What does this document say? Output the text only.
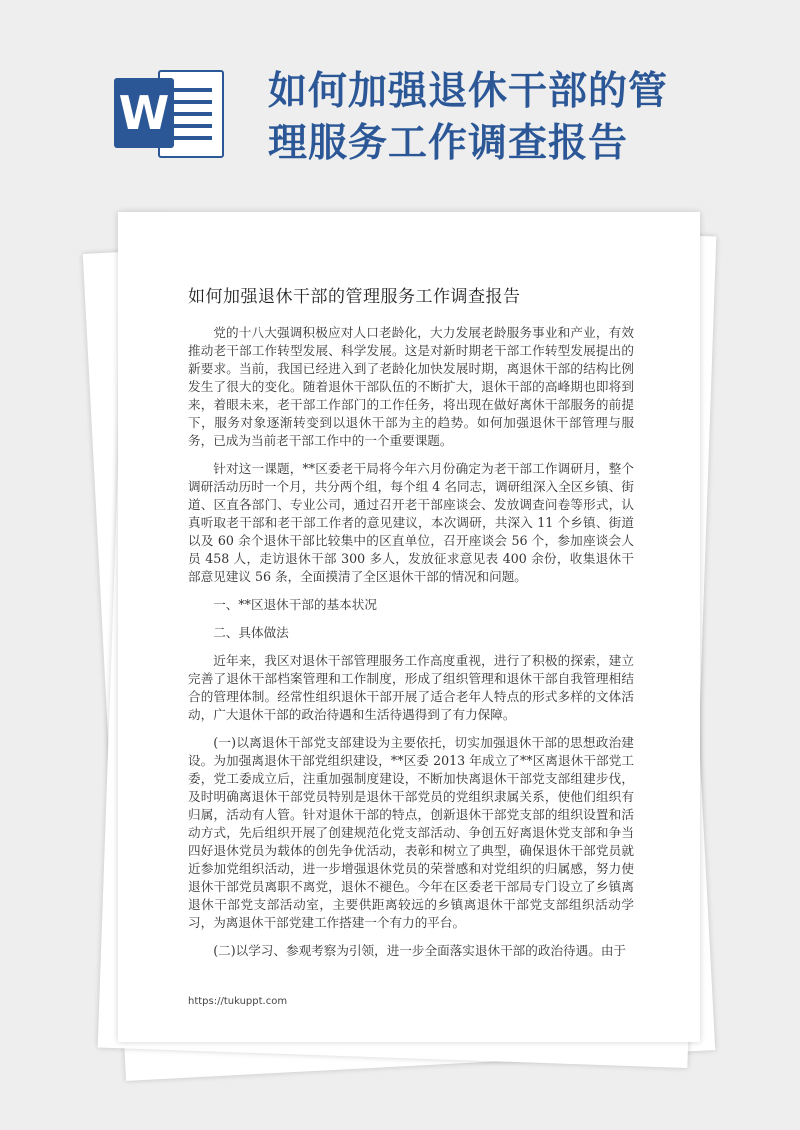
W	如何加强退休干部的管理服务工作调查报告
如何加强退休干部的管理服务工作调查报告

党的十八大强调积极应对人口老龄化，大力发展老龄服务事业和产业，有效推动老干部工作转型发展、科学发展。这是对新时期老干部工作转型发展提出的新要求。当前，我国已经进入到了老龄化加快发展时期，离退休干部的结构比例发生了很大的变化。随着退休干部队伍的不断扩大，退休干部的高峰期也即将到来，着眼未来，老干部工作部门的工作任务，将出现在做好离休干部服务的前提下，服务对象逐渐转变到以退休干部为主的趋势。如何加强退休干部管理与服务，已成为当前老干部工作中的一个重要课题。

针对这一课题，**区委老干局将今年六月份确定为老干部工作调研月，整个调研活动历时一个月，共分两个组，每个组 4 名同志，调研组深入全区乡镇、街道、区直各部门、专业公司，通过召开老干部座谈会、发放调查问卷等形式，认真听取老干部和老干部工作者的意见建议，本次调研，共深入 11 个乡镇、街道以及 60 余个退休干部比较集中的区直单位，召开座谈会 56 个，参加座谈会人员 458 人，走访退休干部 300 多人，发放征求意见表 400 余份，收集退休干部意见建议 56 条，全面摸清了全区退休干部的情况和问题。

一、**区退休干部的基本状况

二、具体做法

近年来，我区对退休干部管理服务工作高度重视，进行了积极的探索，建立完善了退休干部档案管理和工作制度，形成了组织管理和退休干部自我管理相结合的管理体制。经常性组织退休干部开展了适合老年人特点的形式多样的文体活动，广大退休干部的政治待遇和生活待遇得到了有力保障。

(一)以离退休干部党支部建设为主要依托，切实加强退休干部的思想政治建设。为加强离退休干部党组织建设，**区委 2013 年成立了**区离退休干部党工委，党工委成立后，注重加强制度建设，不断加快离退休干部党支部组建步伐，及时明确离退休干部党员特别是退休干部党员的党组织隶属关系，使他们组织有归属，活动有人管。针对退休干部的特点，创新退休干部党支部的组织设置和活动方式，先后组织开展了创建规范化党支部活动、争创五好离退休党支部和争当四好退休党员为载体的创先争优活动，表彰和树立了典型，确保退休干部党员就近参加党组织活动，进一步增强退休党员的荣誉感和对党组织的归属感，努力使退休干部党员离职不离党，退休不褪色。今年在区委老干部局专门设立了乡镇离退休干部党支部活动室，主要供距离较远的乡镇离退休干部党支部组织活动学习，为离退休干部党建工作搭建一个有力的平台。

(二)以学习、参观考察为引领，进一步全面落实退休干部的政治待遇。由于

https://tukuppt.com
